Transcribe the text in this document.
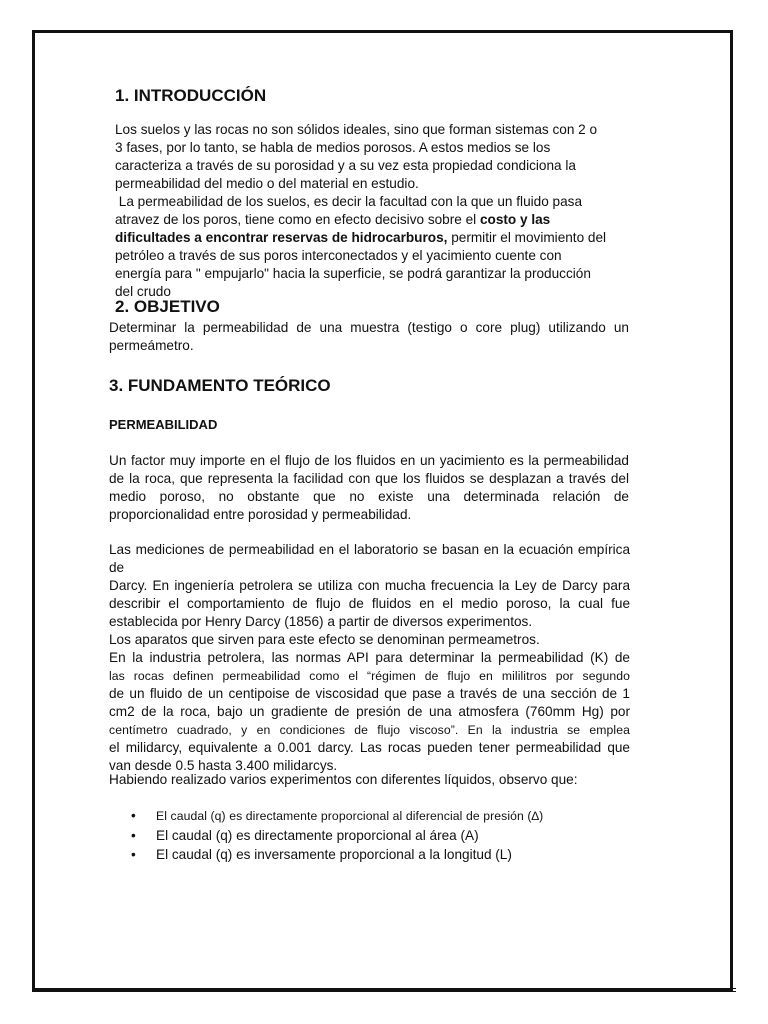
1. INTRODUCCIÓN
Los suelos y las rocas no son sólidos ideales, sino que forman sistemas con 2 o
3 fases, por lo tanto, se habla de medios porosos. A estos medios se los
caracteriza a través de su porosidad y a su vez esta propiedad condiciona la
permeabilidad del medio o del material en estudio.
La permeabilidad de los suelos, es decir la facultad con la que un fluido pasa
atravez de los poros, tiene como en efecto decisivo sobre el costo y las
dificultades a encontrar reservas de hidrocarburos, permitir el movimiento del
petróleo a través de sus poros interconectados y el yacimiento cuente con
energía para " empujarlo" hacia la superficie, se podrá garantizar la producción
del crudo
2. OBJETIVO

Determinar la permeabilidad de una muestra (testigo o core plug) utilizando un permeámetro.

3. FUNDAMENTO TEÓRICO
PERMEABILIDAD
Un factor muy importe en el flujo de los fluidos en un yacimiento es la permeabilidad
de la roca, que representa la facilidad con que los fluidos se desplazan a través del
medio poroso, no obstante que no existe una determinada relación de
proporcionalidad entre porosidad y permeabilidad.
Las mediciones de permeabilidad en el laboratorio se basan en la ecuación empírica de
Darcy. En ingeniería petrolera se utiliza con mucha frecuencia la Ley de Darcy para
describir el comportamiento de flujo de fluidos en el medio poroso, la cual fue
establecida por Henry Darcy (1856) a partir de diversos experimentos.
Los aparatos que sirven para este efecto se denominan permeametros.
En la industria petrolera, las normas API para determinar la permeabilidad (K) de
las rocas definen permeabilidad como el “régimen de flujo en mililitros por segundo
de un fluido de un centipoise de viscosidad que pase a través de una sección de 1
cm2 de la roca, bajo un gradiente de presión de una atmosfera (760mm Hg) por
centímetro cuadrado, y en condiciones de flujo viscoso”. En la industria se emplea
el milidarcy, equivalente a 0.001 darcy. Las rocas pueden tener permeabilidad que
van desde 0.5 hasta 3.400 milidarcys.

Habiendo realizado varios experimentos con diferentes líquidos, observo que:

• El caudal (q) es directamente proporcional al diferencial de presión (∆)
• El caudal (q) es directamente proporcional al área (A)
• El caudal (q) es inversamente proporcional a la longitud (L)
